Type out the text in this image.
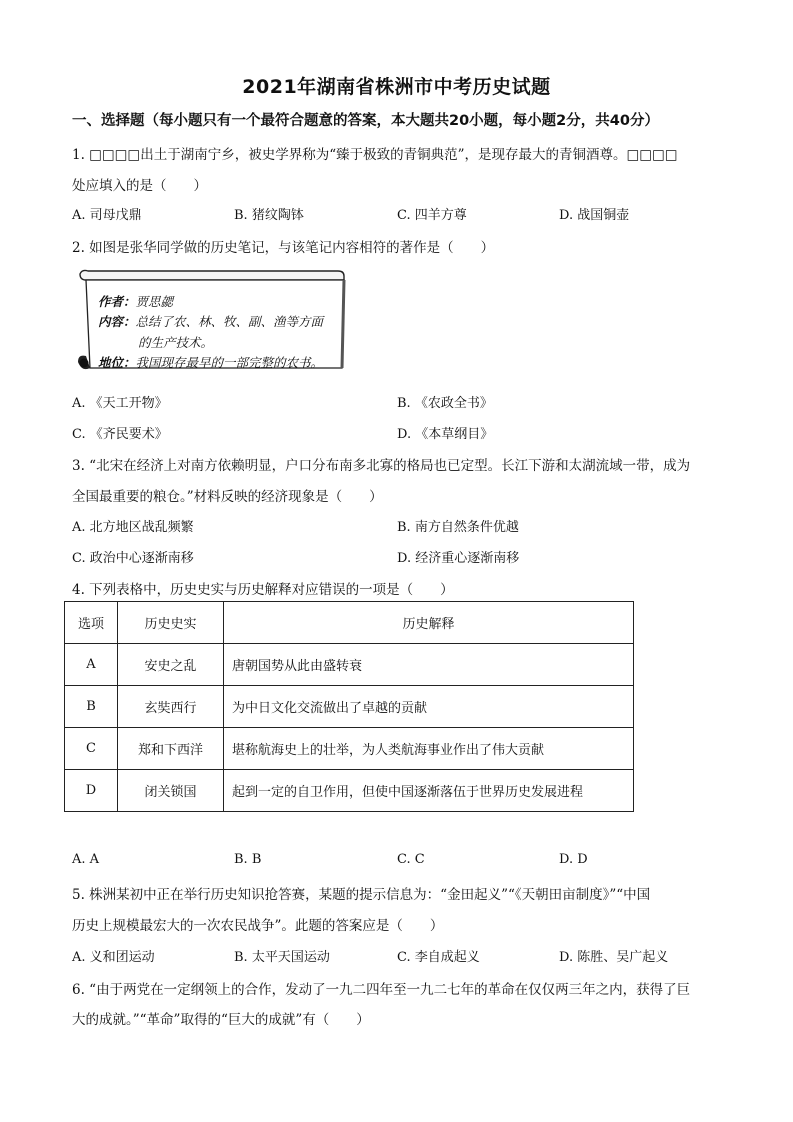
2021年湖南省株洲市中考历史试题
一、选择题（每小题只有一个最符合题意的答案，本大题共20小题，每小题2分，共40分）
1. □□□□出土于湖南宁乡，被史学界称为“臻于极致的青铜典范”，是现存最大的青铜酒尊。□□□□
处应填入的是（　　）
A. 司母戊鼎	B. 猪纹陶钵	C. 四羊方尊	D. 战国铜壶
2. 如图是张华同学做的历史笔记，与该笔记内容相符的著作是（　　）
作者：贾思勰
内容：总结了农、林、牧、副、渔等方面
的生产技术。
地位：我国现存最早的一部完整的农书。
A. 《天工开物》	B. 《农政全书》
C. 《齐民要术》	D. 《本草纲目》
3. “北宋在经济上对南方依赖明显，户口分布南多北寡的格局也已定型。长江下游和太湖流域一带，成为
全国最重要的粮仓。”材料反映的经济现象是（　　）
A. 北方地区战乱频繁	B. 南方自然条件优越
C. 政治中心逐渐南移	D. 经济重心逐渐南移
4. 下列表格中，历史史实与历史解释对应错误的一项是（　　）
选项	历史史实	历史解释
A	安史之乱	唐朝国势从此由盛转衰
B	玄奘西行	为中日文化交流做出了卓越的贡献
C	郑和下西洋	堪称航海史上的壮举，为人类航海事业作出了伟大贡献
D	闭关锁国	起到一定的自卫作用，但使中国逐渐落伍于世界历史发展进程
A. A	B. B	C. C	D. D
5. 株洲某初中正在举行历史知识抢答赛，某题的提示信息为：“金田起义”“《天朝田亩制度》”“中国
历史上规模最宏大的一次农民战争”。此题的答案应是（　　）
A. 义和团运动	B. 太平天国运动	C. 李自成起义	D. 陈胜、吴广起义
6. “由于两党在一定纲领上的合作，发动了一九二四年至一九二七年的革命在仅仅两三年之内，获得了巨
大的成就。”“革命”取得的“巨大的成就”有（　　）
